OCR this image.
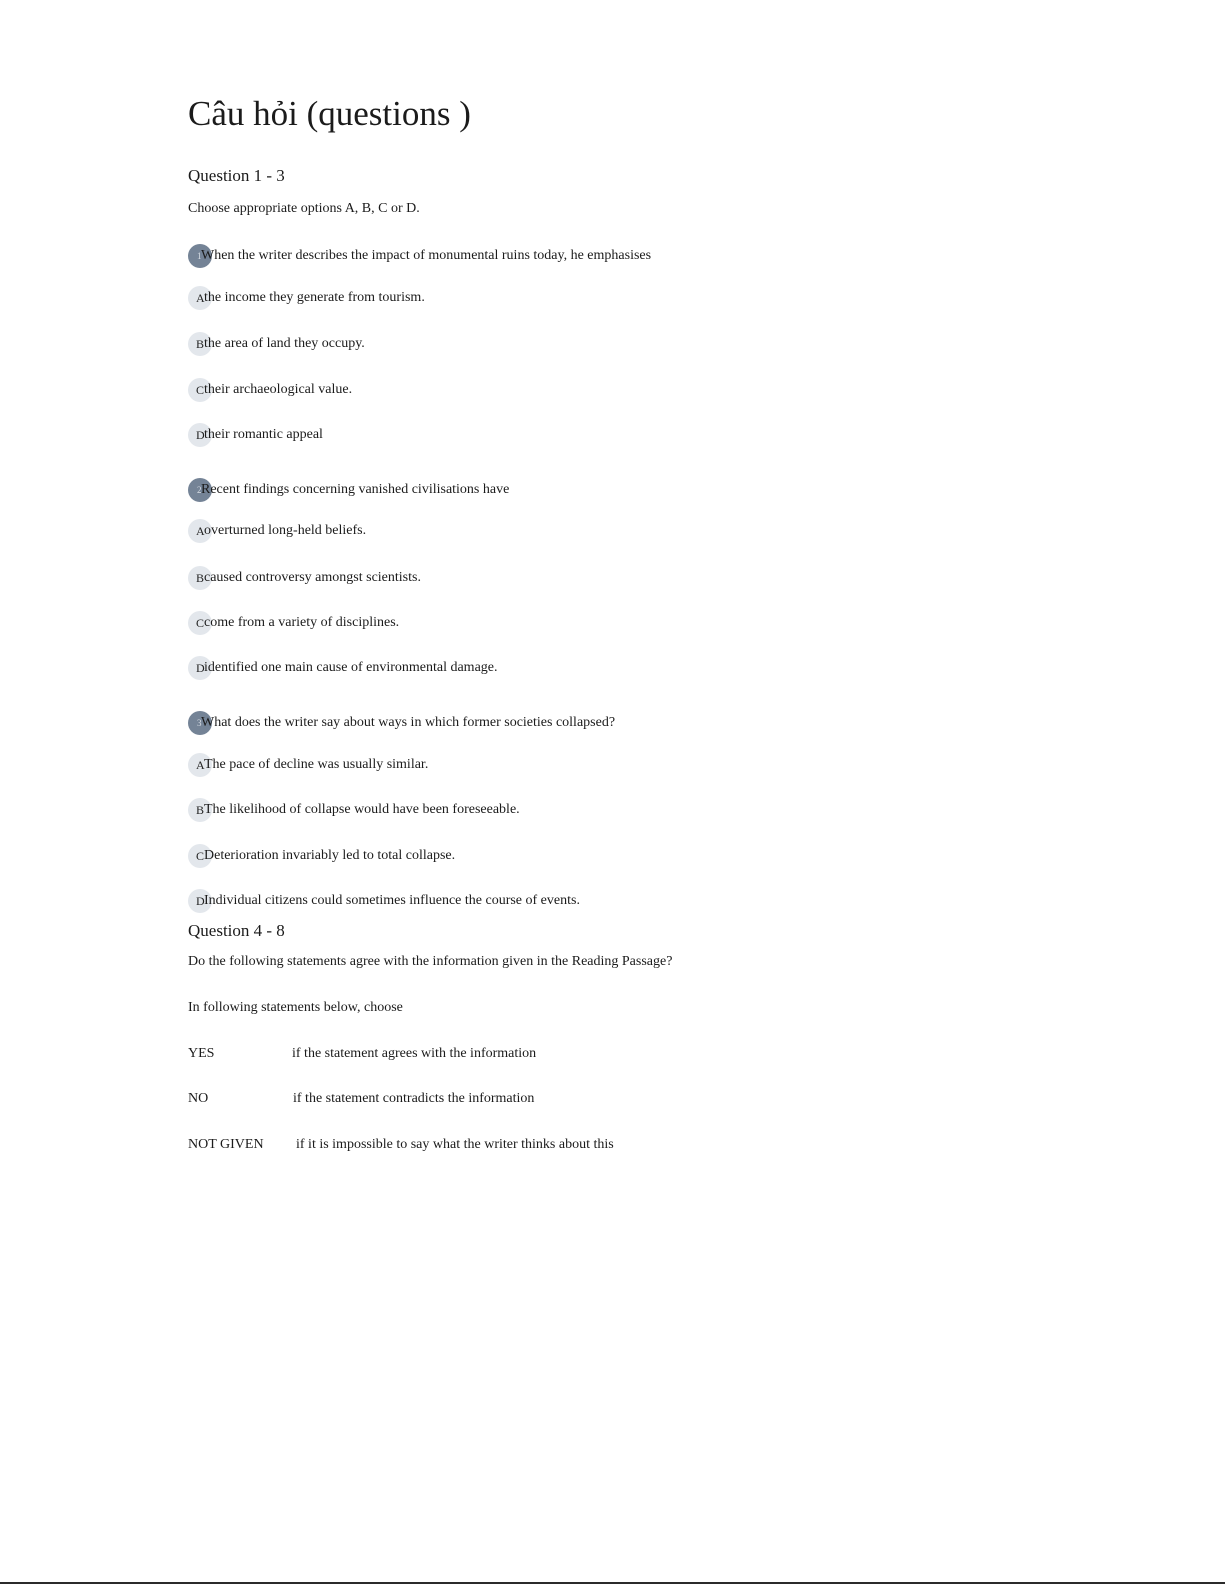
Câu hỏi (questions )
Question 1 - 3
Choose appropriate options A, B, C or D.
1 When the writer describes the impact of monumental ruins today, he emphasises
A the income they generate from tourism.
B the area of land they occupy.
C their archaeological value.
D their romantic appeal
2 Recent findings concerning vanished civilisations have
A overturned long-held beliefs.
B caused controversy amongst scientists.
C come from a variety of disciplines.
D identified one main cause of environmental damage.
3 What does the writer say about ways in which former societies collapsed?
A The pace of decline was usually similar.
B The likelihood of collapse would have been foreseeable.
C Deterioration invariably led to total collapse.
D Individual citizens could sometimes influence the course of events.
Question 4 - 8
Do the following statements agree with the information given in the Reading Passage?
In following statements below, choose
YES	if the statement agrees with the information
NO	if the statement contradicts the information
NOT GIVEN if it is impossible to say what the writer thinks about this
